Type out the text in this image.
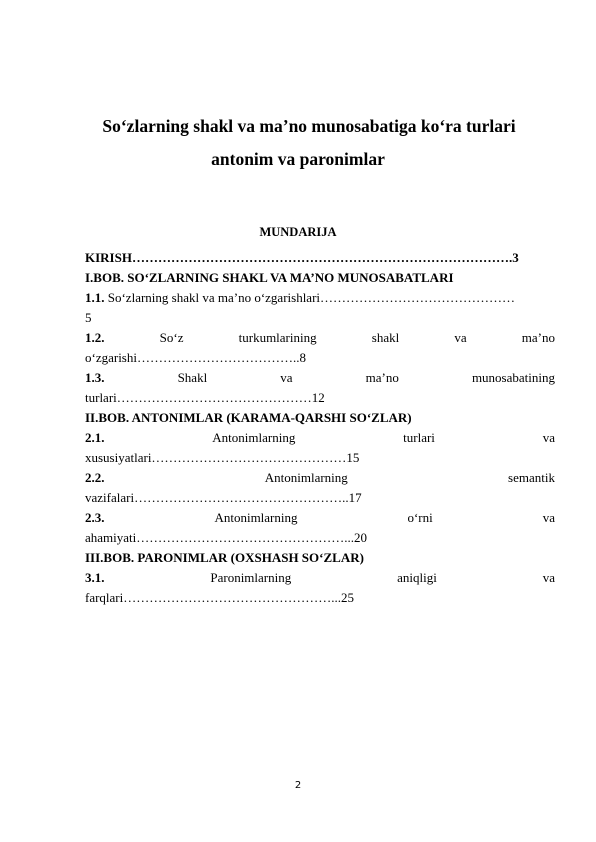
So‘zlarning shakl va ma’no munosabatiga ko‘ra turlari
antonim va paronimlar
MUNDARIJA
KIRISH…………………………………………………………………………….3
I.BOB. SO‘ZLARNING SHAKL VA MA’NO MUNOSABATLARI
1.1. So‘zlarning shakl va ma’no o‘zgarishlari………………………………………
5
1.2.	So‘z	turkumlarining	shakl	va	ma’no
o‘zgarishi………………………………..8
1.3.	Shakl	va	ma’no	munosabatining
turlari………………………………………12
II.BOB. ANTONIMLAR (KARAMA-QARSHI SO‘ZLAR)
2.1.	Antonimlarning	turlari	va
xususiyatlari………………………………………15
2.2.	Antonimlarning	semantik
vazifalari…………………………………………..17
2.3.	Antonimlarning	o‘rni	va
ahamiyati…………………………………………...20
III.BOB. PARONIMLAR (OXSHASH SO‘ZLAR)
3.1.	Paronimlarning	aniqligi	va
farqlari…………………………………………...25
2
